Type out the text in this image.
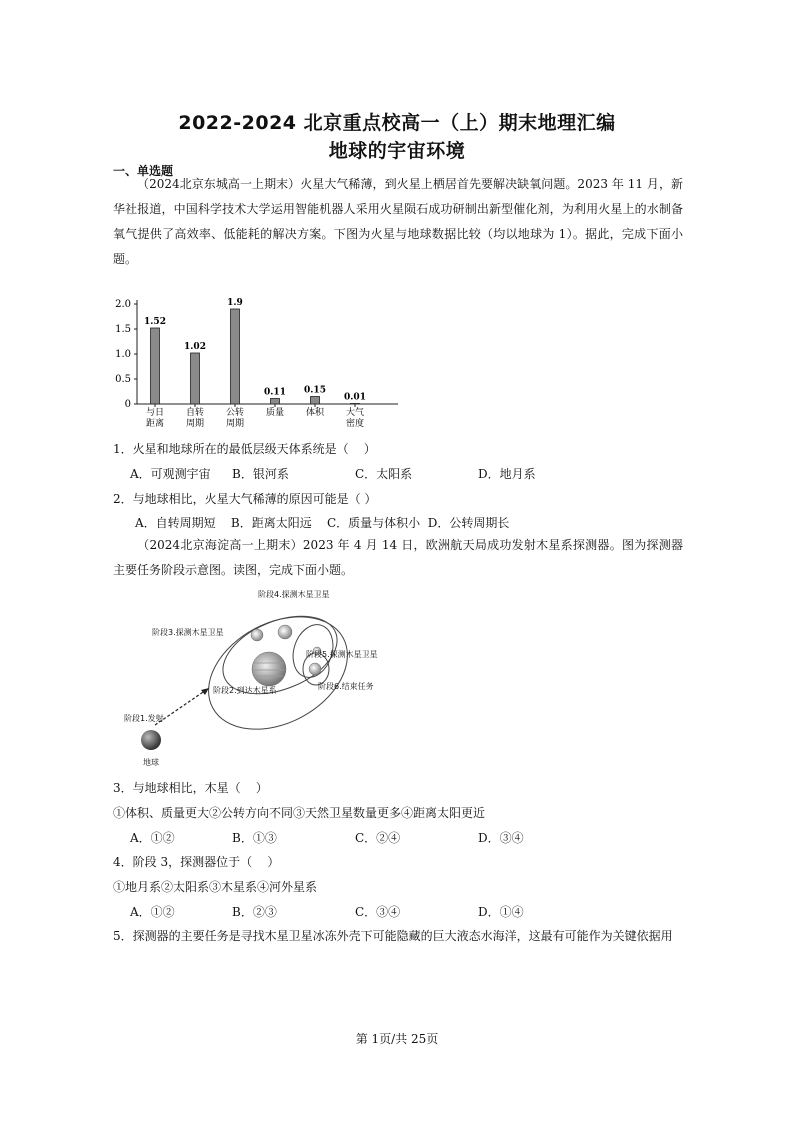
2022-2024 北京重点校高一（上）期末地理汇编
地球的宇宙环境
一、单选题
（2024北京东城高一上期末）火星大气稀薄，到火星上栖居首先要解决缺氧问题。2023 年 11 月，新华社报道，中国科学技术大学运用智能机器人采用火星陨石成功研制出新型催化剂，为利用火星上的水制备氧气提供了高效率、低能耗的解决方案。下图为火星与地球数据比较（均以地球为 1）。据此，完成下面小题。
0
0.5
1.0
1.5
2.0
与日
距离
自转
周期
公转
周期
质量 体积 大气
密度
1.52
1.02
1.9
0.11 0.15
0.01
1．火星和地球所在的最低层级天体系统是（    ）
A．可观测宇宙 B．银河系	C．太阳系	D．地月系
2．与地球相比，火星大气稀薄的原因可能是（ ）
A．自转周期短    B．距离太阳远    C．质量与体积小  D．公转周期长
（2024北京海淀高一上期末）2023 年 4 月 14 日，欧洲航天局成功发射木星系探测器。图为探测器主要任务阶段示意图。读图，完成下面小题。
阶段4.探测木星卫星
阶段3.探测木星卫星
阶段5.探测木星卫星
阶段2.到达木星系	阶段6.结束任务
阶段1.发射
地球
3．与地球相比，木星（    ）
①体积、质量更大②公转方向不同③天然卫星数量更多④距离太阳更近
A．①②	B．①③	C．②④	D．③④
4．阶段 3，探测器位于（    ）
①地月系②太阳系③木星系④河外星系
A．①②	B．②③	C．③④	D．①④
5．探测器的主要任务是寻找木星卫星冰冻外壳下可能隐藏的巨大液态水海洋，这最有可能作为关键依据用
第 1页/共 25页
